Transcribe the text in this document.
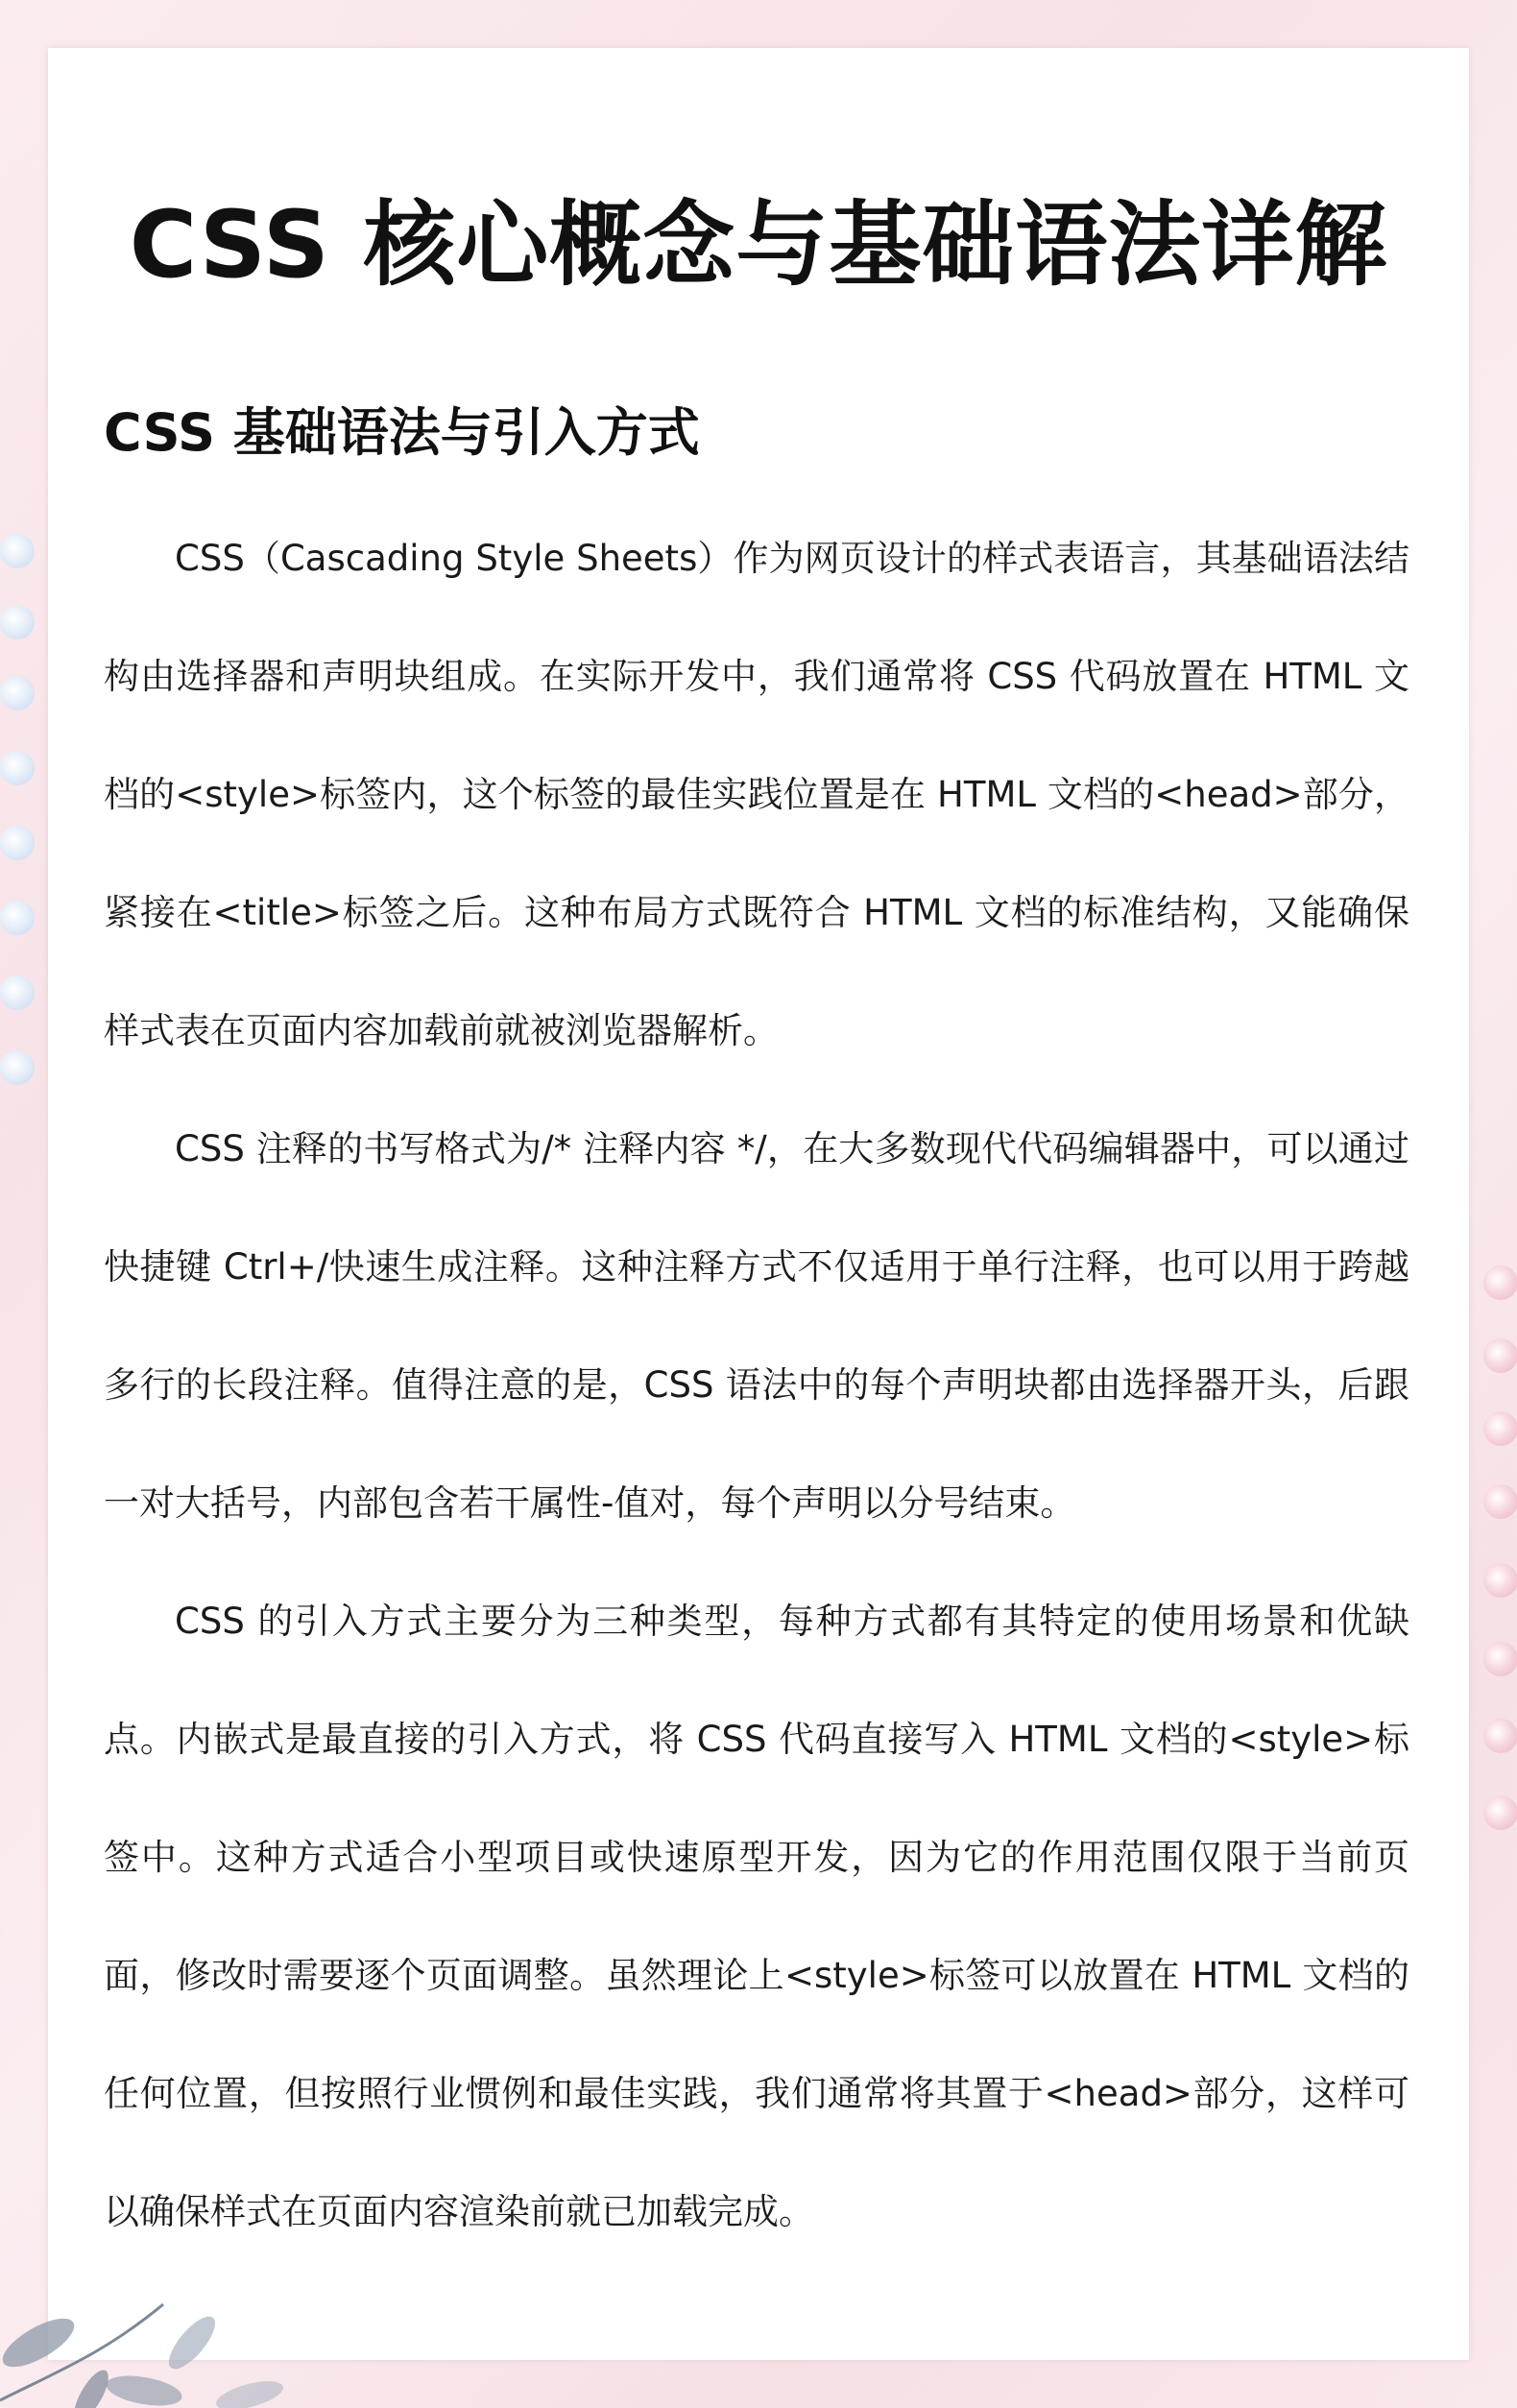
CSS 核心概念与基础语法详解
CSS 基础语法与引入方式

CSS（Cascading Style Sheets）作为网页设计的样式表语言，其基础语法结构由选择器和声明块组成。在实际开发中，我们通常将 CSS 代码放置在 HTML 文档的<style>标签内，这个标签的最佳实践位置是在 HTML 文档的<head>部分，紧接在<title>标签之后。这种布局方式既符合 HTML 文档的标准结构，又能确保样式表在页面内容加载前就被浏览器解析。

CSS 注释的书写格式为/* 注释内容 */，在大多数现代代码编辑器中，可以通过快捷键 Ctrl+/快速生成注释。这种注释方式不仅适用于单行注释，也可以用于跨越多行的长段注释。值得注意的是，CSS 语法中的每个声明块都由选择器开头，后跟一对大括号，内部包含若干属性-值对，每个声明以分号结束。

CSS 的引入方式主要分为三种类型，每种方式都有其特定的使用场景和优缺点。内嵌式是最直接的引入方式，将 CSS 代码直接写入 HTML 文档的<style>标签中。这种方式适合小型项目或快速原型开发，因为它的作用范围仅限于当前页面，修改时需要逐个页面调整。虽然理论上<style>标签可以放置在 HTML 文档的任何位置，但按照行业惯例和最佳实践，我们通常将其置于<head>部分，这样可以确保样式在页面内容渲染前就已加载完成。
